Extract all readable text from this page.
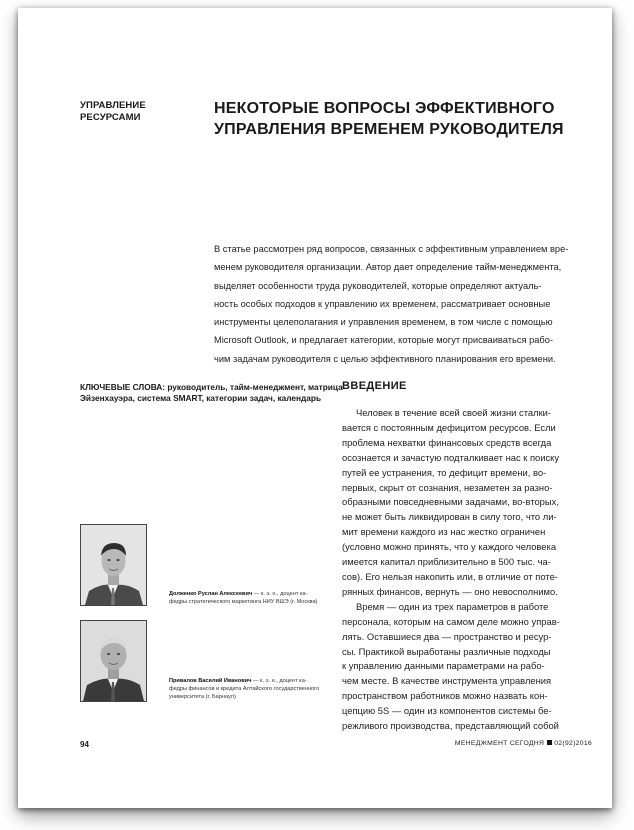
УПРАВЛЕНИЕ
РЕСУРСАМИ
НЕКОТОРЫЕ ВОПРОСЫ ЭФФЕКТИВНОГО
УПРАВЛЕНИЯ ВРЕМЕНЕМ РУКОВОДИТЕЛЯ
В статье рассмотрен ряд вопросов, связанных с эффективным управлением вре-
менем руководителя организации. Автор дает определение тайм-менеджмента,
выделяет особенности труда руководителей, которые определяют актуаль-
ность особых подходов к управлению их временем, рассматривает основные
инструменты целеполагания и управления временем, в том числе с помощью
Microsoft Outlook, и предлагает категории, которые могут присваиваться рабо-
чим задачам руководителя с целью эффективного планирования его времени.
КЛЮЧЕВЫЕ СЛОВА: руководитель, тайм-менеджмент, матрица
Эйзенхауэра, система SMART, категории задач, календарь
ВВЕДЕНИЕ
Человек в течение всей своей жизни сталки-
вается с постоянным дефицитом ресурсов. Если
проблема нехватки финансовых средств всегда
осознается и зачастую подталкивает нас к поиску
путей ее устранения, то дефицит времени, во-
первых, скрыт от сознания, незаметен за разно-
образными повседневными задачами, во-вторых,
не может быть ликвидирован в силу того, что ли-
мит времени каждого из нас жестко ограничен
(условно можно принять, что у каждого человека
имеется капитал приблизительно в 500 тыс. ча-
сов). Его нельзя накопить или, в отличие от поте-
рянных финансов, вернуть — оно невосполнимо.
Время — один из трех параметров в работе
персонала, которым на самом деле можно управ-
лять. Оставшиеся два — пространство и ресур-
сы. Практикой выработаны различные подходы
к управлению данными параметрами на рабо-
чем месте. В качестве инструмента управления
пространством работников можно назвать кон-
цепцию 5S — один из компонентов системы бе-
режливого производства, представляющий собой
Долженко Руслан Алексеевич — к. э. н., доцент ка-
федры стратегического маркетинга НИУ ВШЭ (г. Москва)
Привалов Василий Иванович — к. э. н., доцент ка-
федры финансов и кредита Алтайского государственного
университета (г. Барнаул)
94	МЕНЕДЖМЕНТ СЕГОДНЯ 02(92)2016
